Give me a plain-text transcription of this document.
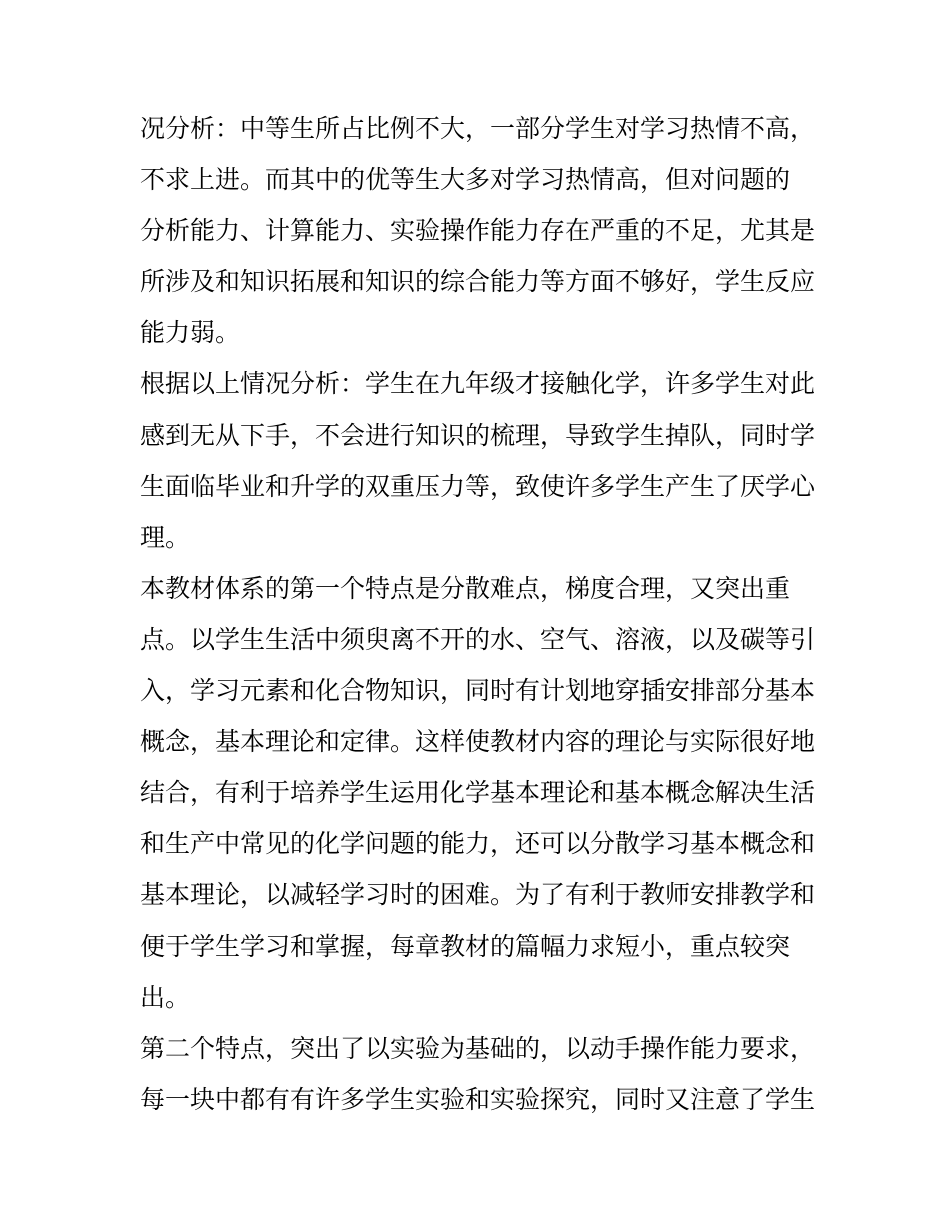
况分析：中等生所占比例不大，一部分学生对学习热情不高，
不求上进。而其中的优等生大多对学习热情高，但对问题的
分析能力、计算能力、实验操作能力存在严重的不足，尤其是
所涉及和知识拓展和知识的综合能力等方面不够好，学生反应
能力弱。
根据以上情况分析：学生在九年级才接触化学，许多学生对此
感到无从下手，不会进行知识的梳理，导致学生掉队，同时学
生面临毕业和升学的双重压力等，致使许多学生产生了厌学心
理。
本教材体系的第一个特点是分散难点，梯度合理，又突出重
点。以学生生活中须臾离不开的水、空气、溶液，以及碳等引
入，学习元素和化合物知识，同时有计划地穿插安排部分基本
概念，基本理论和定律。这样使教材内容的理论与实际很好地
结合，有利于培养学生运用化学基本理论和基本概念解决生活
和生产中常见的化学问题的能力，还可以分散学习基本概念和
基本理论，以减轻学习时的困难。为了有利于教师安排教学和
便于学生学习和掌握，每章教材的篇幅力求短小，重点较突
出。
第二个特点，突出了以实验为基础的，以动手操作能力要求，
每一块中都有有许多学生实验和实验探究，同时又注意了学生
